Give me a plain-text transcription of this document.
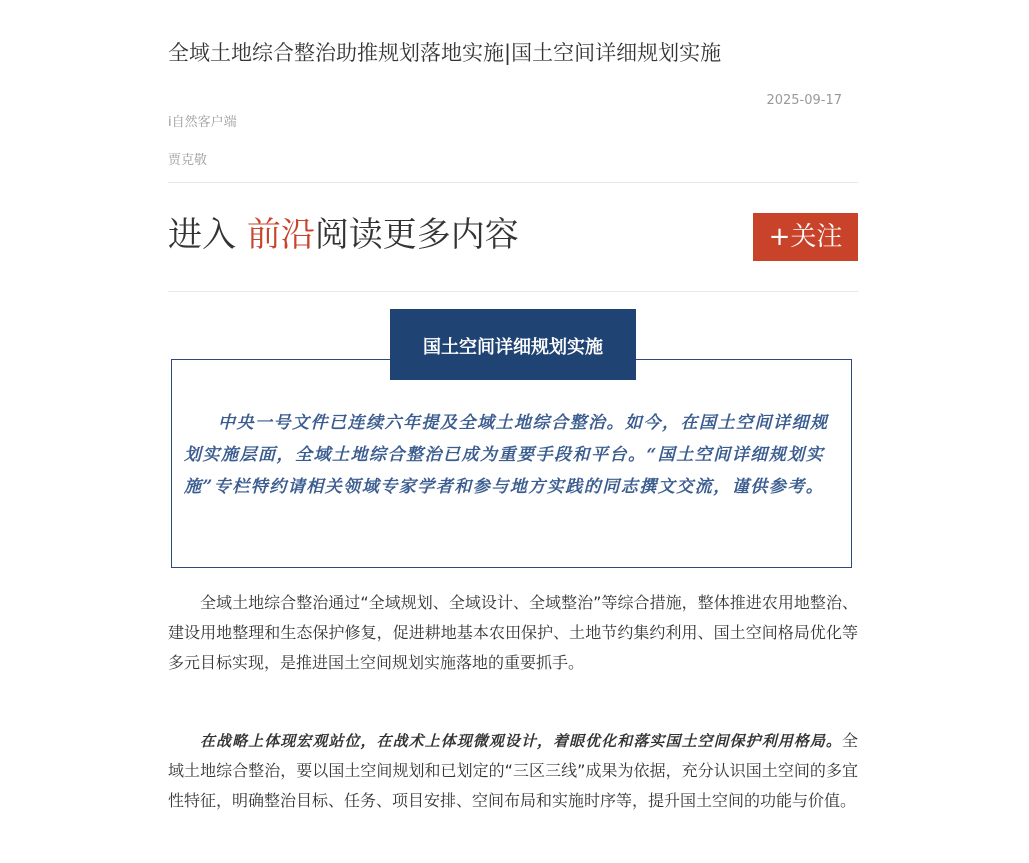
全域土地综合整治助推规划落地实施|国土空间详细规划实施
2025-09-17
i自然客户端
贾克敬
进入 前沿阅读更多内容	+关注
国土空间详细规划实施

中央一号文件已连续六年提及全域土地综合整治。如今，在国土空间详细规划实施层面，全域土地综合整治已成为重要手段和平台。“国土空间详细规划实施”专栏特约请相关领域专家学者和参与地方实践的同志撰文交流，谨供参考。

全域土地综合整治通过“全域规划、全域设计、全域整治”等综合措施，整体推进农用地整治、建设用地整理和生态保护修复，促进耕地基本农田保护、土地节约集约利用、国土空间格局优化等多元目标实现，是推进国土空间规划实施落地的重要抓手。

在战略上体现宏观站位，在战术上体现微观设计，着眼优化和落实国土空间保护利用格局。全域土地综合整治，要以国土空间规划和已划定的“三区三线”成果为依据，充分认识国土空间的多宜性特征，明确整治目标、任务、项目安排、空间布局和实施时序等，提升国土空间的功能与价值。
